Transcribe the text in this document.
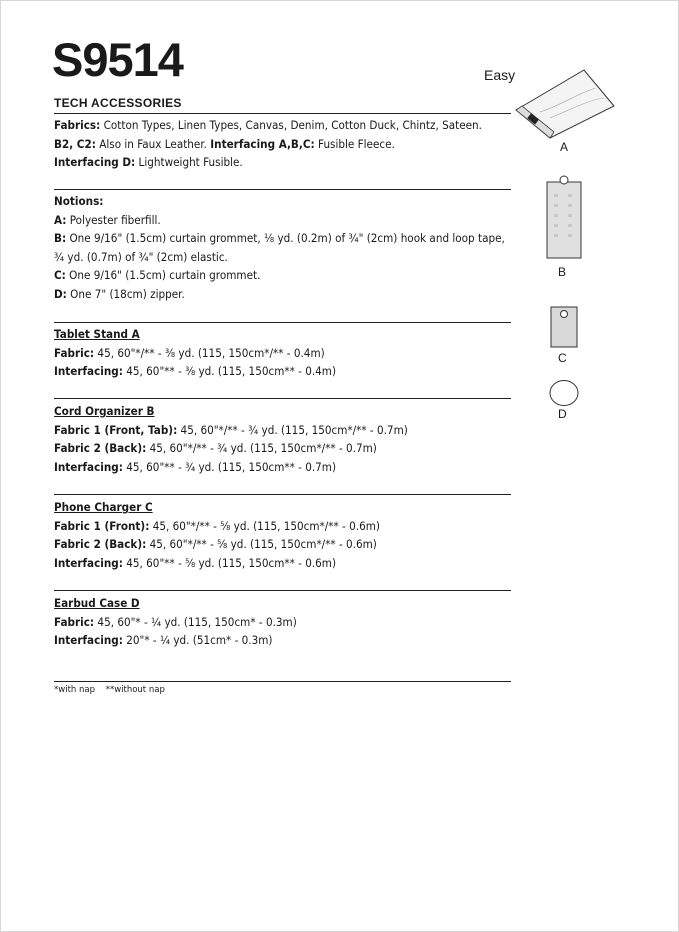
S9514	Easy
TECH ACCESSORIES
Fabrics: Cotton Types, Linen Types, Canvas, Denim, Cotton Duck, Chintz, Sateen.
B2, C2: Also in Faux Leather. Interfacing A,B,C: Fusible Fleece.
Interfacing D: Lightweight Fusible.
Notions:
A: Polyester fiberfill.
B: One 9/16" (1.5cm) curtain grommet, ⅛ yd. (0.2m) of ¾" (2cm) hook and loop tape,
¾ yd. (0.7m) of ¾" (2cm) elastic.
C: One 9/16" (1.5cm) curtain grommet.
D: One 7" (18cm) zipper.
Tablet Stand A
Fabric: 45, 60"*/** - ⅜ yd. (115, 150cm*/** - 0.4m)
Interfacing: 45, 60"** - ⅜ yd. (115, 150cm** - 0.4m)
Cord Organizer B
Fabric 1 (Front, Tab): 45, 60"*/** - ¾ yd. (115, 150cm*/** - 0.7m)
Fabric 2 (Back): 45, 60"*/** - ¾ yd. (115, 150cm*/** - 0.7m)
Interfacing: 45, 60"** - ¾ yd. (115, 150cm** - 0.7m)
Phone Charger C
Fabric 1 (Front): 45, 60"*/** - ⅝ yd. (115, 150cm*/** - 0.6m)
Fabric 2 (Back): 45, 60"*/** - ⅝ yd. (115, 150cm*/** - 0.6m)
Interfacing: 45, 60"** - ⅝ yd. (115, 150cm** - 0.6m)
Earbud Case D
Fabric: 45, 60"* - ¼ yd. (115, 150cm* - 0.3m)
Interfacing: 20"* - ¼ yd. (51cm* - 0.3m)
*with nap **without nap
A
B
C
D
